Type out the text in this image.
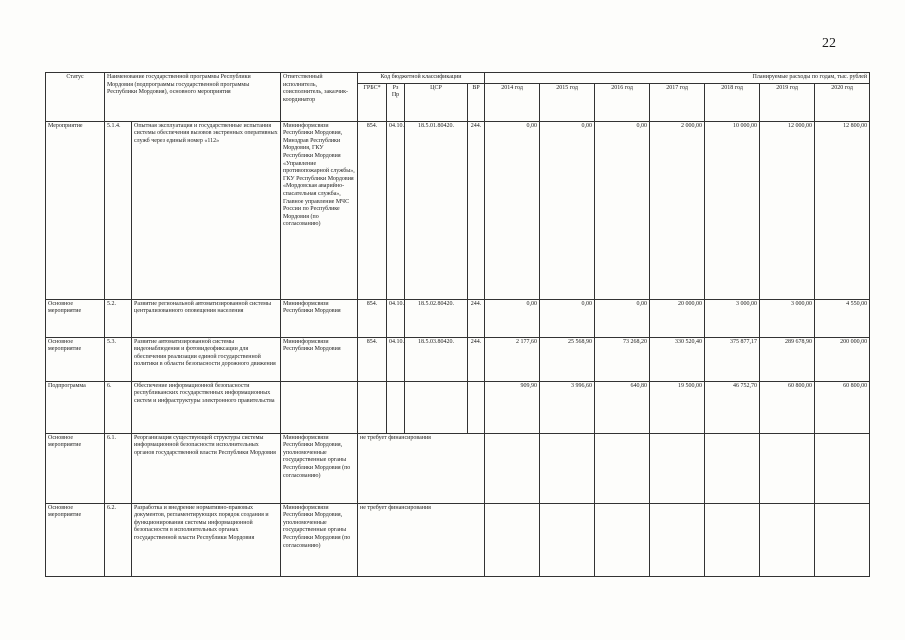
22
Статус	Наименование государственной программы Республики Мордовия (подпрограммы государственной программы Республики Мордовия), основного мероприятия		Ответственный исполнитель, соисполнитель, заказчик-координатор	Код бюджетной классификации				Планируемые расходы по годам, тыс. рублей						
				ГРБС*	Рз Пр	ЦСР	ВР	2014 год	2015 год	2016 год	2017 год	2018 год	2019 год	2020 год
Мероприятие	5.1.4.	Опытная эксплуатация и государственные испытания системы обеспечения вызовов экстренных оперативных служб через единый номер «112»	Мининформсвязи Республики Мордовия, Минздрав Республики Мордовия, ГКУ Республики Мордовия «Управление противопожарной службы», ГКУ Республики Мордовия «Мордовская аварийно-спасательная служба», Главное управление МЧС России по Республике Мордовия (по согласованию)	854.	04.10.	18.5.01.80420.	244.	0,00	0,00	0,00	2 000,00	10 000,00	12 000,00	12 800,00
Основное мероприятие	5.2.	Развитие региональной автоматизированной системы централизованного оповещения населения	Мининформсвязи Республики Мордовия	854.	04.10.	18.5.02.80420.	244.	0,00	0,00	0,00	20 000,00	3 000,00	3 000,00	4 550,00
Основное мероприятие	5.3.	Развитие автоматизированной системы видеонаблюдения и фотовидеофиксации для обеспечения реализации единой государственной политики в области безопасности дорожного движения	Мининформсвязи Республики Мордовия	854.	04.10.	18.5.03.80420.	244.	2 177,60	25 568,90	73 268,20	330 520,40	375 877,17	289 678,90	200 000,00
Подпрограмма	6.	Обеспечение информационной безопасности республиканских государственных информационных систем и инфраструктуры электронного правительства						909,90	3 996,60	640,80	19 500,00	46 752,70	60 800,00	60 800,00
Основное мероприятие	6.1.	Реорганизация существующей структуры системы информационной безопасности исполнительных органов государственной власти Республики Мордовия	Мининформсвязи Республики Мордовия, уполномоченные государственные органы Республики Мордовия (по согласованию)	не требует финансирования										
Основное мероприятие	6.2.	Разработка и внедрение нормативно-правовых документов, регламентирующих порядок создания и функционирования системы информационной безопасности в исполнительных органах государственной власти Республики Мордовия	Мининформсвязи Республики Мордовия, уполномоченные государственные органы Республики Мордовия (по согласованию)	не требует финансирования										
